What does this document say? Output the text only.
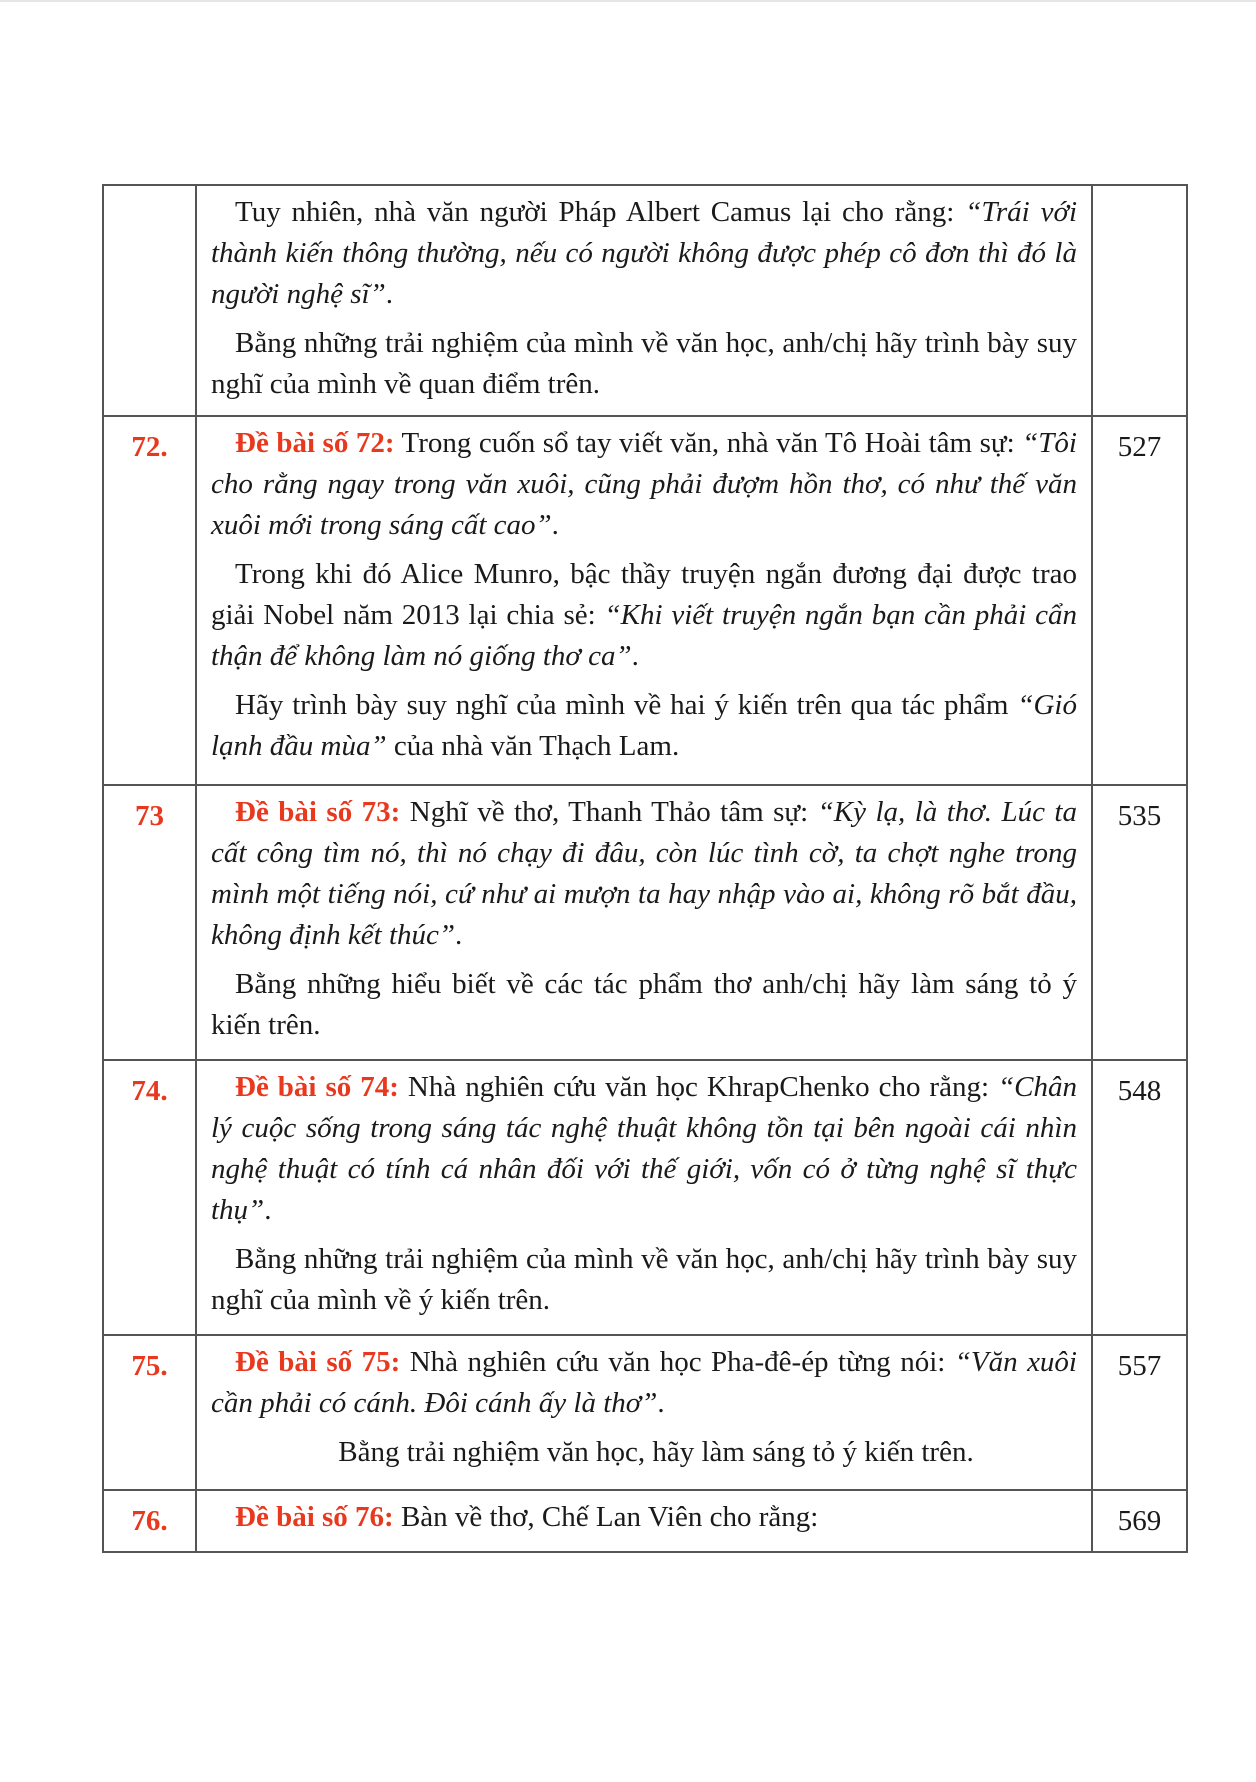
	Tuy nhiên, nhà văn người Pháp Albert Camus lại cho rằng: “Trái với thành kiến thông thường, nếu có người không được phép cô đơn thì đó là người nghệ sĩ”.

Bằng những trải nghiệm của mình về văn học, anh/chị hãy trình bày suy nghĩ của mình về quan điểm trên.	

72.	Đề bài số 72: Trong cuốn sổ tay viết văn, nhà văn Tô Hoài tâm sự: “Tôi cho rằng ngay trong văn xuôi, cũng phải đượm hồn thơ, có như thế văn xuôi mới trong sáng cất cao”.

Trong khi đó Alice Munro, bậc thầy truyện ngắn đương đại được trao giải Nobel năm 2013 lại chia sẻ: “Khi viết truyện ngắn bạn cần phải cẩn thận để không làm nó giống thơ ca”.

Hãy trình bày suy nghĩ của mình về hai ý kiến trên qua tác phẩm “Gió lạnh đầu mùa” của nhà văn Thạch Lam.	527
73	Đề bài số 73: Nghĩ về thơ, Thanh Thảo tâm sự: “Kỳ lạ, là thơ. Lúc ta cất công tìm nó, thì nó chạy đi đâu, còn lúc tình cờ, ta chợt nghe trong mình một tiếng nói, cứ như ai mượn ta hay nhập vào ai, không rõ bắt đầu, không định kết thúc”.

Bằng những hiểu biết về các tác phẩm thơ anh/chị hãy làm sáng tỏ ý kiến trên.	535
74.	Đề bài số 74: Nhà nghiên cứu văn học KhrapChenko cho rằng: “Chân lý cuộc sống trong sáng tác nghệ thuật không tồn tại bên ngoài cái nhìn nghệ thuật có tính cá nhân đối với thế giới, vốn có ở từng nghệ sĩ thực thụ”.

Bằng những trải nghiệm của mình về văn học, anh/chị hãy trình bày suy nghĩ của mình về ý kiến trên.	548
75.	Đề bài số 75: Nhà nghiên cứu văn học Pha-đê-ép từng nói: “Văn xuôi cần phải có cánh. Đôi cánh ấy là thơ”.

Bằng trải nghiệm văn học, hãy làm sáng tỏ ý kiến trên.	557
76.	Đề bài số 76: Bàn về thơ, Chế Lan Viên cho rằng:	569
